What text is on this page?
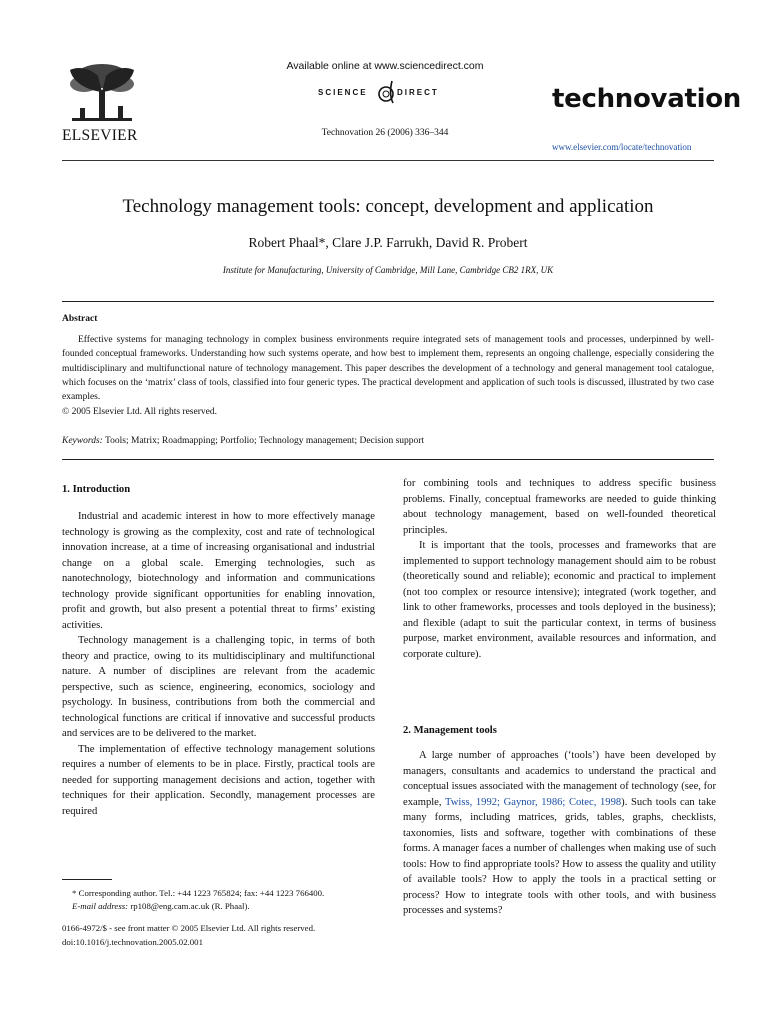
ELSEVIER
Available online at www.sciencedirect.com
SCIENCE	DIRECT
Technovation 26 (2006) 336–344
technovation
www.elsevier.com/locate/technovation
Technology management tools: concept, development and application
Robert Phaal*, Clare J.P. Farrukh, David R. Probert
Institute for Manufacturing, University of Cambridge, Mill Lane, Cambridge CB2 1RX, UK
Abstract
Effective systems for managing technology in complex business environments require integrated sets of management tools and processes, underpinned by well-founded conceptual frameworks. Understanding how such systems operate, and how best to implement them, represents an ongoing challenge, especially considering the multidisciplinary and multifunctional nature of technology management. This paper describes the development of a technology and general management tool catalogue, which focuses on the ‘matrix’ class of tools, classified into four generic types. The practical development and application of such tools is discussed, illustrated by two case examples.
© 2005 Elsevier Ltd. All rights reserved.
Keywords: Tools; Matrix; Roadmapping; Portfolio; Technology management; Decision support
1. Introduction

Industrial and academic interest in how to more effectively manage technology is growing as the complexity, cost and rate of technological innovation increase, at a time of increasing organisational and industrial change on a global scale. Emerging technologies, such as nanotechnology, biotechnology and information and communications technology provide significant opportunities for enabling innovation, profit and growth, but also present a potential threat to firms’ existing activities.

Technology management is a challenging topic, in terms of both theory and practice, owing to its multidisciplinary and multifunctional nature. A number of disciplines are relevant from the academic perspective, such as science, engineering, economics, sociology and psychology. In business, contributions from both the commercial and technological functions are critical if innovative and successful products and services are to be delivered to the market.

The implementation of effective technology management solutions requires a number of elements to be in place. Firstly, practical tools are needed for supporting management decisions and action, together with techniques for their application. Secondly, management processes are required

for combining tools and techniques to address specific business problems. Finally, conceptual frameworks are needed to guide thinking about technology management, based on well-founded theoretical principles.

It is important that the tools, processes and frameworks that are implemented to support technology management should aim to be robust (theoretically sound and reliable); economic and practical to implement (not too complex or resource intensive); integrated (work together, and link to other frameworks, processes and tools deployed in the business); and flexible (adapt to suit the particular context, in terms of business purpose, market environment, available resources and information, and corporate culture).

2. Management tools

A large number of approaches (‘tools’) have been developed by managers, consultants and academics to understand the practical and conceptual issues associated with the management of technology (see, for example, Twiss, 1992; Gaynor, 1986; Cotec, 1998). Such tools can take many forms, including matrices, grids, tables, graphs, checklists, taxonomies, lists and software, together with combinations of these forms. A manager faces a number of challenges when making use of such tools: How to find appropriate tools? How to assess the quality and utility of available tools? How to apply the tools in a practical setting or process? How to integrate tools with other tools, and with business processes and systems?

* Corresponding author. Tel.: +44 1223 765824; fax: +44 1223 766400.
E-mail address: rp108@eng.cam.ac.uk (R. Phaal).
0166-4972/$ - see front matter © 2005 Elsevier Ltd. All rights reserved.
doi:10.1016/j.technovation.2005.02.001
